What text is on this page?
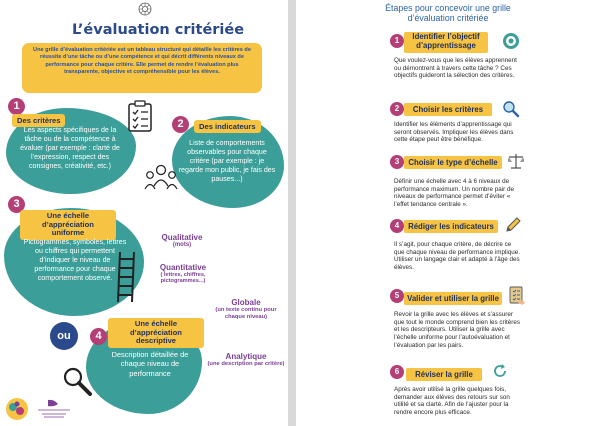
L’évaluation critériée
Une grille d’évaluation critériée est un tableau structuré qui détaille les critères de réussite d’une tâche ou d’une compétence et qui décrit différents niveaux de performance pour chaque critère. Elle permet de rendre l’évaluation plus transparente, objective et compréhensible pour les élèves.
1
Des critères
Les aspects spécifiques de la tâche ou de la compétence à évaluer (par exemple : clarté de l’expression, respect des consignes, créativité, etc.)
2	Des indicateurs
Liste de comportements observables pour chaque critère (par exemple : je regarde mon public, je fais des pauses...)
3
Une échelle d’appréciation uniforme
Pictogrammes, symboles, lettres ou chiffres qui permettent d’indiquer le niveau de performance pour chaque comportement observé.
Qualitative
(mots)
Quantitative
( lettres, chiffres, pictogrammes...)
ou	4
Une échelle d’appréciation descriptive
Description détaillée de chaque niveau de performance
Globale
(un texte continu pour chaque niveau)
Analytique
(une description par critère)
Étapes pour concevoir une grille d’évaluation critériée
Identifier l’objectif d’apprentissage
1
Que voulez-vous que les élèves apprennent ou démontrent à travers cette tâche ? Ces objectifs guideront la sélection des critères.
Choisir les critères
2
Identifier les éléments d’apprentissage qui seront observés. Impliquer les élèves dans cette étape peut être bénéfique.
Choisir le type d’échelle
3
Définir une échelle avec 4 à 6 niveaux de performance maximum. Un nombre pair de niveaux de performance permet d’éviter « l’effet tendance centrale ».
Rédiger les indicateurs
4
Il s’agit, pour chaque critère, de décrire ce que chaque niveau de performance implique. Utiliser un langage clair et adapté à l’âge des élèves.
Valider et utiliser la grille
5
Revoir la grille avec les élèves et s’assurer que tout le monde comprend bien les critères et les descripteurs. Utiliser la grille avec l’échelle uniforme pour l’autoévaluation et l’évaluation par les pairs.
Réviser la grille
6
Après avoir utilisé la grille quelques fois, demander aux élèves des retours sur son utilité et sa clarté. Afin de l’ajuster pour la rendre encore plus efficace.
